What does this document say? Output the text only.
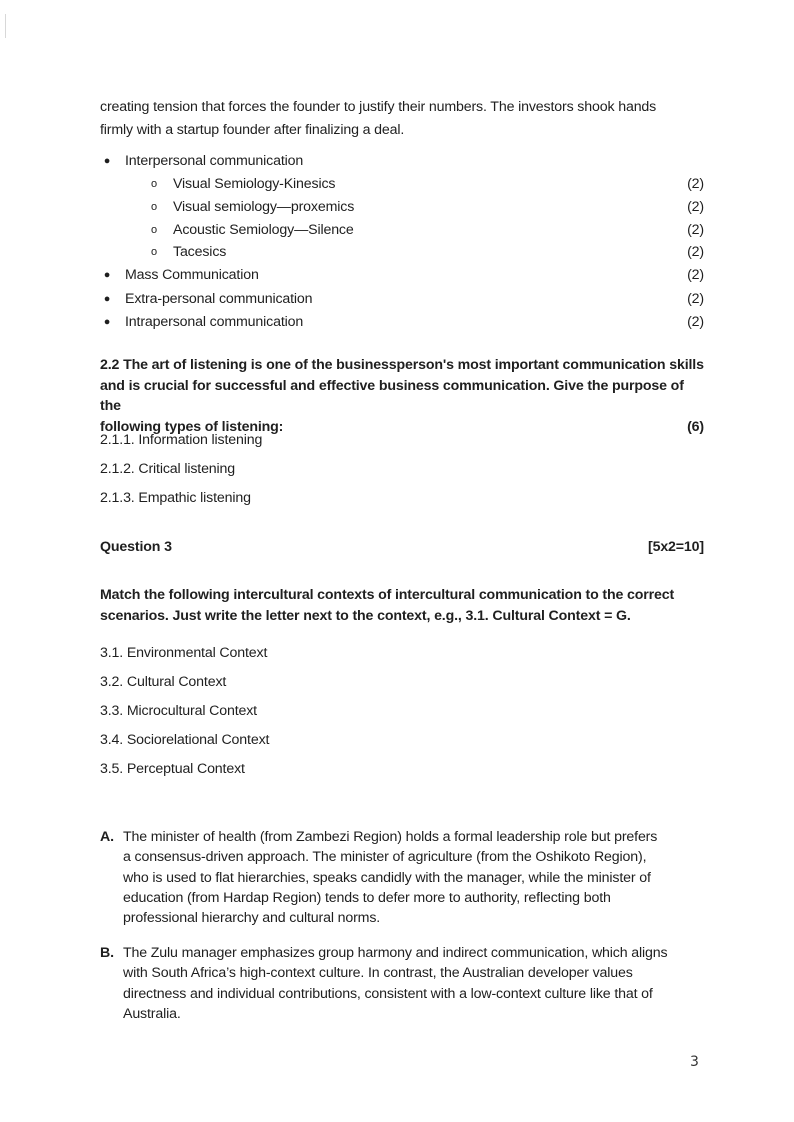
creating tension that forces the founder to justify their numbers. The investors shook hands
firmly with a startup founder after finalizing a deal.
● Interpersonal communication
o Visual Semiology-Kinesics	(2)
o Visual semiology—proxemics	(2)
o Acoustic Semiology—Silence	(2)
o Tacesics	(2)
● Mass Communication	(2)
● Extra-personal communication	(2)
● Intrapersonal communication	(2)
2.2 The art of listening is one of the businessperson's most important communication skills
and is crucial for successful and effective business communication. Give the purpose of the
following types of listening:	(6)
2.1.1. Information listening
2.1.2. Critical listening
2.1.3. Empathic listening
Question 3	[5x2=10]
Match the following intercultural contexts of intercultural communication to the correct
scenarios. Just write the letter next to the context, e.g., 3.1. Cultural Context = G.
3.1. Environmental Context
3.2. Cultural Context
3.3. Microcultural Context
3.4. Sociorelational Context
3.5. Perceptual Context
A. The minister of health (from Zambezi Region) holds a formal leadership role but prefers
a consensus-driven approach. The minister of agriculture (from the Oshikoto Region),
who is used to flat hierarchies, speaks candidly with the manager, while the minister of
education (from Hardap Region) tends to defer more to authority, reflecting both
professional hierarchy and cultural norms.
B. The Zulu manager emphasizes group harmony and indirect communication, which aligns
with South Africa’s high-context culture. In contrast, the Australian developer values
directness and individual contributions, consistent with a low-context culture like that of
Australia.
3
